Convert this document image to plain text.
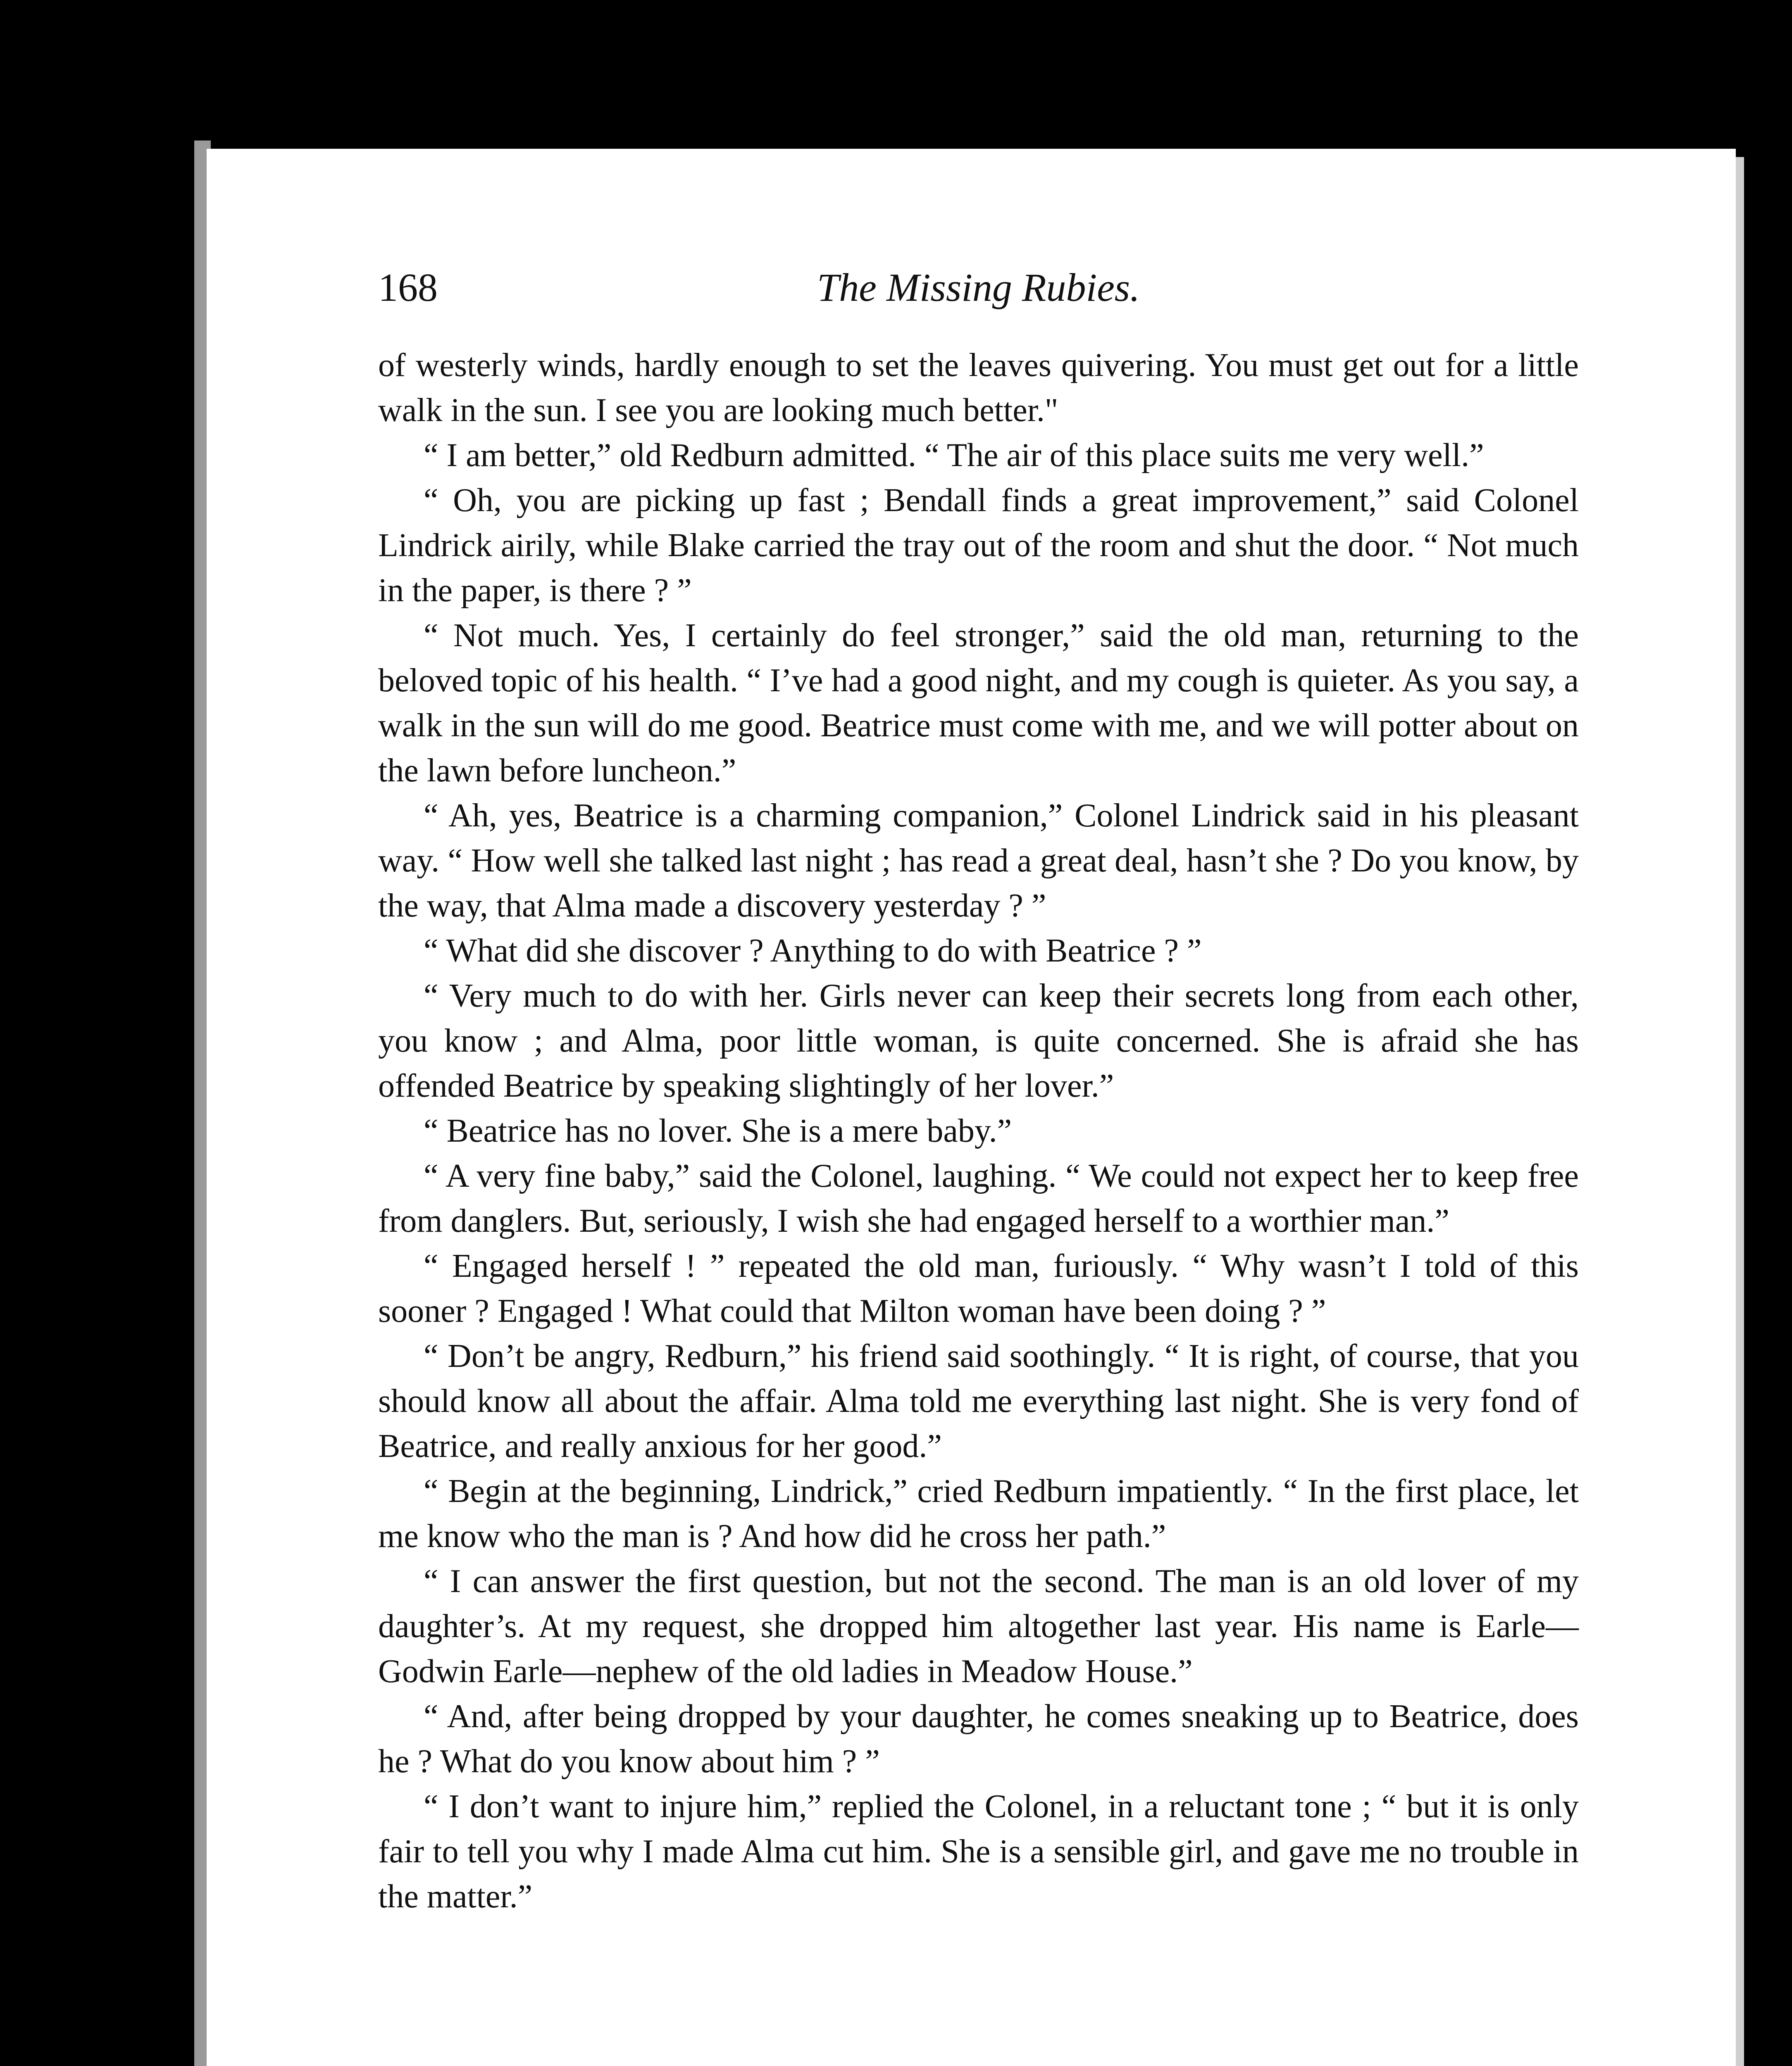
168	The Missing Rubies.

of westerly winds, hardly enough to set the leaves quivering. You must get out for a little walk in the sun. I see you are looking much better."

“ I am better,” old Redburn admitted. “ The air of this place suits me very well.”

“ Oh, you are picking up fast ; Bendall finds a great improvement,” said Colonel Lindrick airily, while Blake carried the tray out of the room and shut the door. “ Not much in the paper, is there ? ”

“ Not much. Yes, I certainly do feel stronger,” said the old man, returning to the beloved topic of his health. “ I’ve had a good night, and my cough is quieter. As you say, a walk in the sun will do me good. Beatrice must come with me, and we will potter about on the lawn before luncheon.”

“ Ah, yes, Beatrice is a charming companion,” Colonel Lindrick said in his pleasant way. “ How well she talked last night ; has read a great deal, hasn’t she ? Do you know, by the way, that Alma made a discovery yesterday ? ”

“ What did she discover ? Anything to do with Beatrice ? ”

“ Very much to do with her. Girls never can keep their secrets long from each other, you know ; and Alma, poor little woman, is quite concerned. She is afraid she has offended Beatrice by speaking slightingly of her lover.”

“ Beatrice has no lover. She is a mere baby.”

“ A very fine baby,” said the Colonel, laughing. “ We could not expect her to keep free from danglers. But, seriously, I wish she had engaged herself to a worthier man.”

“ Engaged herself ! ” repeated the old man, furiously. “ Why wasn’t I told of this sooner ? Engaged ! What could that Milton woman have been doing ? ”

“ Don’t be angry, Redburn,” his friend said soothingly. “ It is right, of course, that you should know all about the affair. Alma told me everything last night. She is very fond of Beatrice, and really anxious for her good.”

“ Begin at the beginning, Lindrick,” cried Redburn impatiently. “ In the first place, let me know who the man is ? And how did he cross her path.”

“ I can answer the first question, but not the second. The man is an old lover of my daughter’s. At my request, she dropped him altogether last year. His name is Earle—Godwin Earle—nephew of the old ladies in Meadow House.”

“ And, after being dropped by your daughter, he comes sneaking up to Beatrice, does he ? What do you know about him ? ”

“ I don’t want to injure him,” replied the Colonel, in a reluctant tone ; “ but it is only fair to tell you why I made Alma cut him. She is a sensible girl, and gave me no trouble in the matter.”
